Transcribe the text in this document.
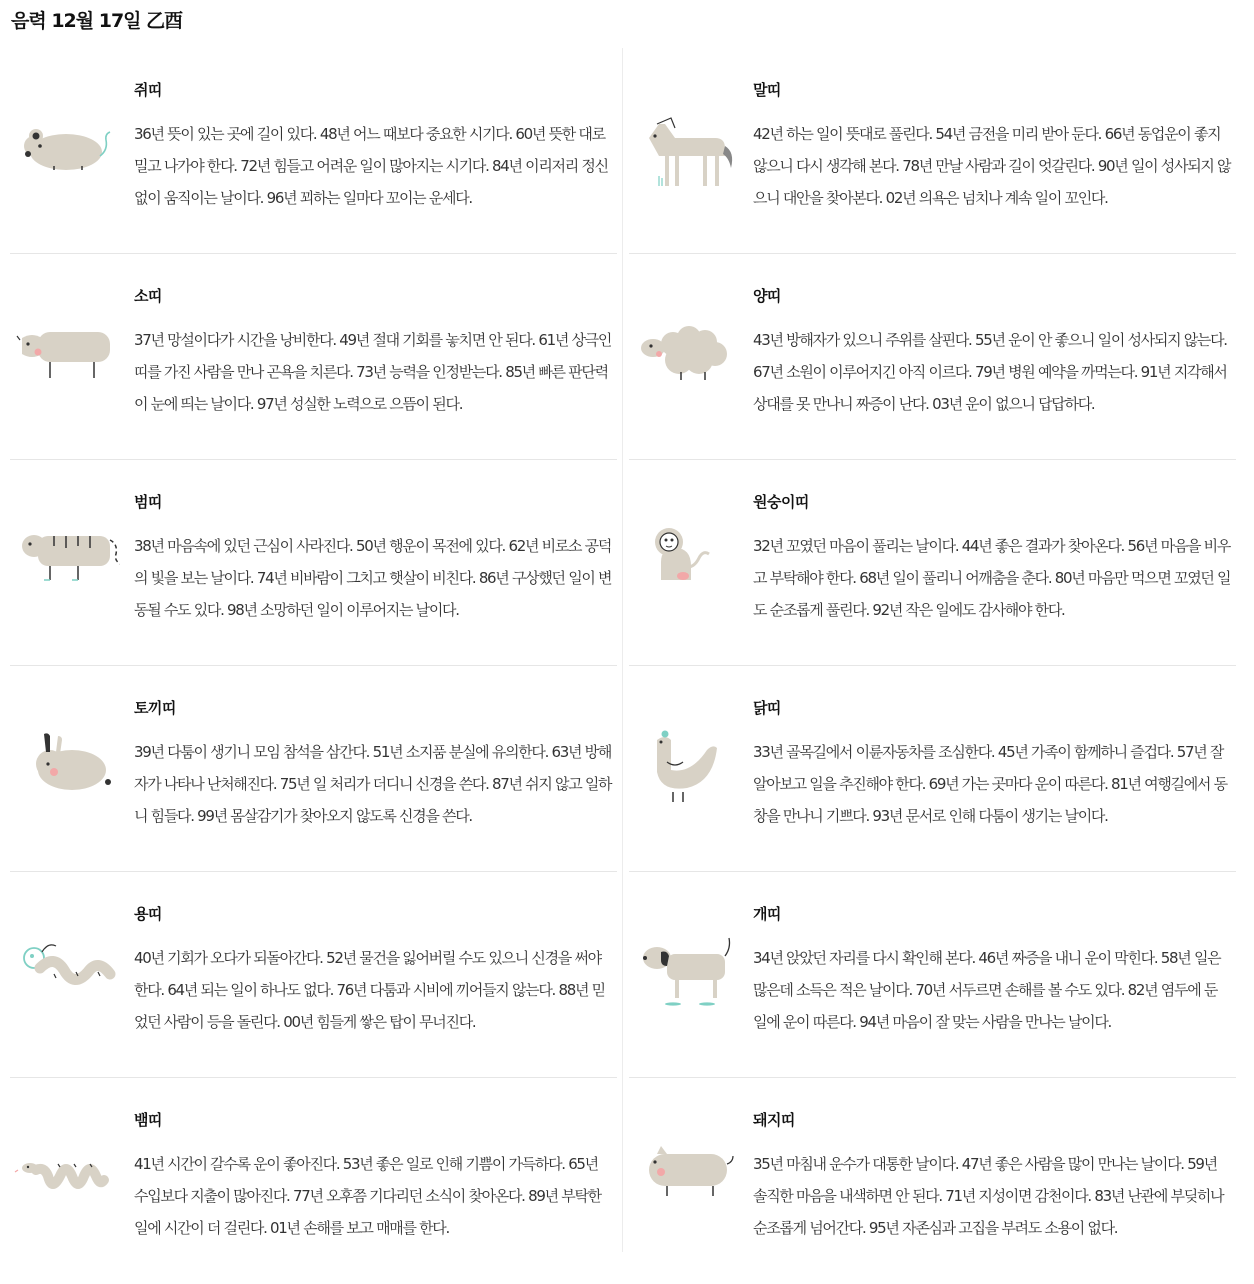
음력 12월 17일 乙酉
쥐띠
36년 뜻이 있는 곳에 길이 있다. 48년 어느 때보다 중요한 시기다. 60년 뜻한 대로 밀고 나가야 한다. 72년 힘들고 어려운 일이 많아지는 시기다. 84년 이리저리 정신없이 움직이는 날이다. 96년 꾀하는 일마다 꼬이는 운세다.
말띠
42년 하는 일이 뜻대로 풀린다. 54년 금전을 미리 받아 둔다. 66년 동업운이 좋지 않으니 다시 생각해 본다. 78년 만날 사람과 길이 엇갈린다. 90년 일이 성사되지 않으니 대안을 찾아본다. 02년 의욕은 넘치나 계속 일이 꼬인다.
소띠
37년 망설이다가 시간을 낭비한다. 49년 절대 기회를 놓치면 안 된다. 61년 상극인 띠를 가진 사람을 만나 곤욕을 치른다. 73년 능력을 인정받는다. 85년 빠른 판단력이 눈에 띄는 날이다. 97년 성실한 노력으로 으뜸이 된다.
양띠
43년 방해자가 있으니 주위를 살핀다. 55년 운이 안 좋으니 일이 성사되지 않는다. 67년 소원이 이루어지긴 아직 이르다. 79년 병원 예약을 까먹는다. 91년 지각해서 상대를 못 만나니 짜증이 난다. 03년 운이 없으니 답답하다.
범띠
38년 마음속에 있던 근심이 사라진다. 50년 행운이 목전에 있다. 62년 비로소 공덕의 빛을 보는 날이다. 74년 비바람이 그치고 햇살이 비친다. 86년 구상했던 일이 변동될 수도 있다. 98년 소망하던 일이 이루어지는 날이다.
원숭이띠
32년 꼬였던 마음이 풀리는 날이다. 44년 좋은 결과가 찾아온다. 56년 마음을 비우고 부탁해야 한다. 68년 일이 풀리니 어깨춤을 춘다. 80년 마음만 먹으면 꼬였던 일도 순조롭게 풀린다. 92년 작은 일에도 감사해야 한다.
토끼띠
39년 다툼이 생기니 모임 참석을 삼간다. 51년 소지품 분실에 유의한다. 63년 방해자가 나타나 난처해진다. 75년 일 처리가 더디니 신경을 쓴다. 87년 쉬지 않고 일하니 힘들다. 99년 몸살감기가 찾아오지 않도록 신경을 쓴다.
닭띠
33년 골목길에서 이륜자동차를 조심한다. 45년 가족이 함께하니 즐겁다. 57년 잘 알아보고 일을 추진해야 한다. 69년 가는 곳마다 운이 따른다. 81년 여행길에서 동창을 만나니 기쁘다. 93년 문서로 인해 다툼이 생기는 날이다.
용띠
40년 기회가 오다가 되돌아간다. 52년 물건을 잃어버릴 수도 있으니 신경을 써야 한다. 64년 되는 일이 하나도 없다. 76년 다툼과 시비에 끼어들지 않는다. 88년 믿었던 사람이 등을 돌린다. 00년 힘들게 쌓은 탑이 무너진다.
개띠
34년 앉았던 자리를 다시 확인해 본다. 46년 짜증을 내니 운이 막힌다. 58년 일은 많은데 소득은 적은 날이다. 70년 서두르면 손해를 볼 수도 있다. 82년 염두에 둔 일에 운이 따른다. 94년 마음이 잘 맞는 사람을 만나는 날이다.
뱀띠
41년 시간이 갈수록 운이 좋아진다. 53년 좋은 일로 인해 기쁨이 가득하다. 65년 수입보다 지출이 많아진다. 77년 오후쯤 기다리던 소식이 찾아온다. 89년 부탁한 일에 시간이 더 걸린다. 01년 손해를 보고 매매를 한다.
돼지띠
35년 마침내 운수가 대통한 날이다. 47년 좋은 사람을 많이 만나는 날이다. 59년 솔직한 마음을 내색하면 안 된다. 71년 지성이면 감천이다. 83년 난관에 부딪히나 순조롭게 넘어간다. 95년 자존심과 고집을 부려도 소용이 없다.
